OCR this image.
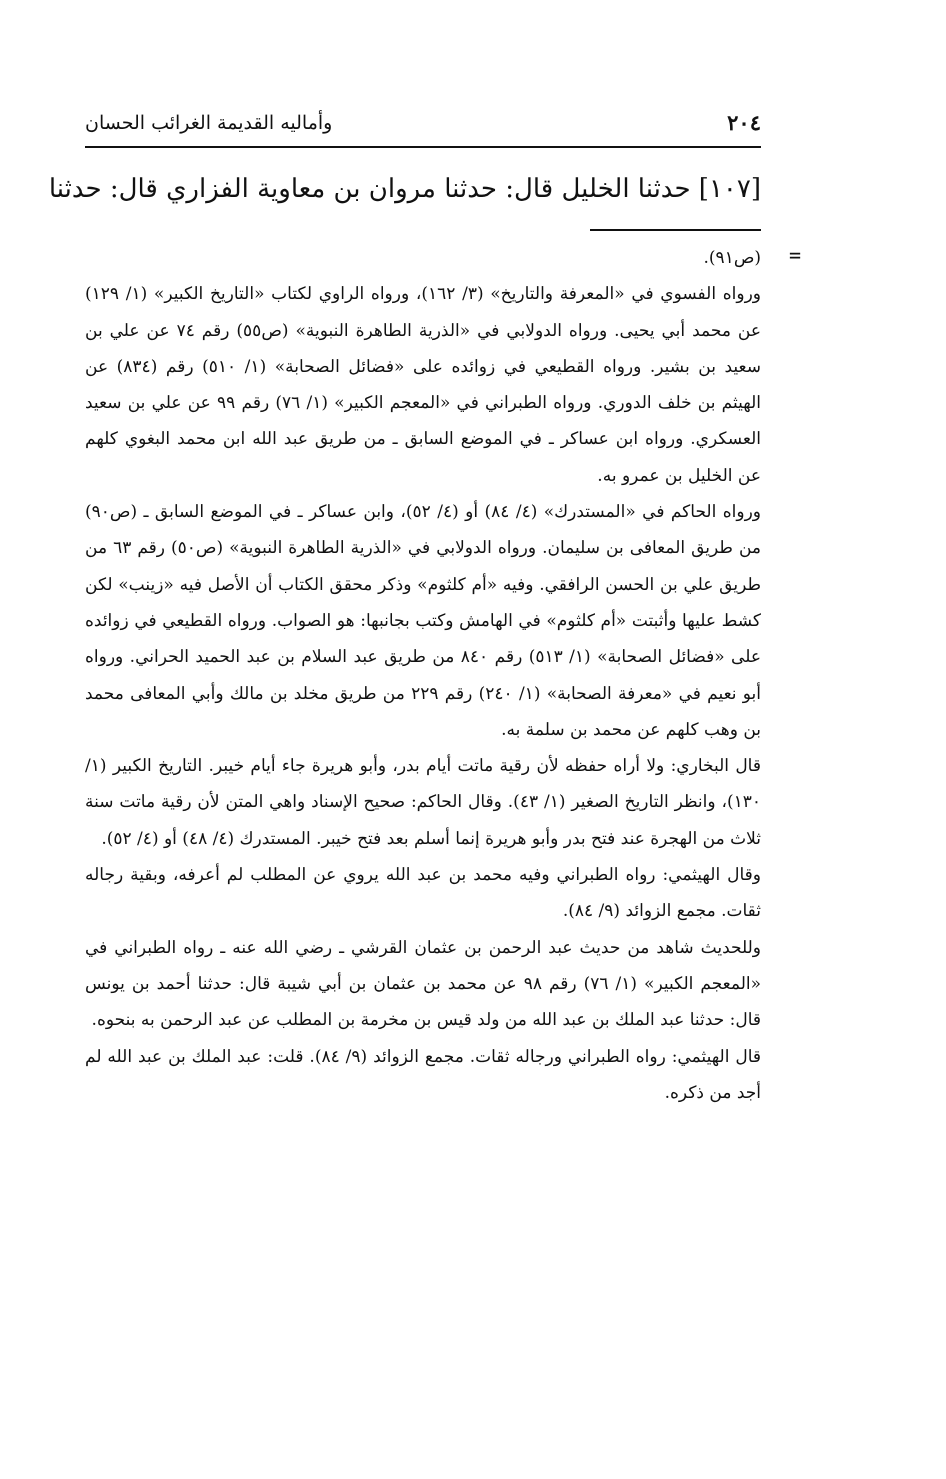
٢٠٤
وأماليه القديمة الغرائب الحسان
[١٠٧] حدثنا الخليل قال: حدثنا مروان بن معاوية الفزاري قال: حدثنا
=

(ص٩١).

ورواه الفسوي في «المعرفة والتاريخ» (٣/ ١٦٢)، ورواه الراوي لكتاب «التاريخ الكبير» (١/ ١٢٩) عن محمد أبي يحيى. ورواه الدولابي في «الذرية الطاهرة النبوية» (ص٥٥) رقم ٧٤ عن علي بن سعيد بن بشير. ورواه القطيعي في زوائده على «فضائل الصحابة» (١/ ٥١٠) رقم (٨٣٤) عن الهيثم بن خلف الدوري. ورواه الطبراني في «المعجم الكبير» (١/ ٧٦) رقم ٩٩ عن علي بن سعيد العسكري. ورواه ابن عساكر ـ في الموضع السابق ـ من طريق عبد الله ابن محمد البغوي كلهم عن الخليل بن عمرو به.

ورواه الحاكم في «المستدرك» (٤/ ٨٤) أو (٤/ ٥٢)، وابن عساكر ـ في الموضع السابق ـ (ص٩٠) من طريق المعافى بن سليمان. ورواه الدولابي في «الذرية الطاهرة النبوية» (ص٥٠) رقم ٦٣ من طريق علي بن الحسن الرافقي. وفيه «أم كلثوم» وذكر محقق الكتاب أن الأصل فيه «زينب» لكن كشط عليها وأثبتت «أم كلثوم» في الهامش وكتب بجانبها: هو الصواب. ورواه القطيعي في زوائده على «فضائل الصحابة» (١/ ٥١٣) رقم ٨٤٠ من طريق عبد السلام بن عبد الحميد الحراني. ورواه أبو نعيم في «معرفة الصحابة» (١/ ٢٤٠) رقم ٢٢٩ من طريق مخلد بن مالك وأبي المعافى محمد بن وهب كلهم عن محمد بن سلمة به.

قال البخاري: ولا أراه حفظه لأن رقية ماتت أيام بدر، وأبو هريرة جاء أيام خيبر. التاريخ الكبير (١/ ١٣٠)، وانظر التاريخ الصغير (١/ ٤٣). وقال الحاكم: صحيح الإسناد واهي المتن لأن رقية ماتت سنة ثلاث من الهجرة عند فتح بدر وأبو هريرة إنما أسلم بعد فتح خيبر. المستدرك (٤/ ٤٨) أو (٤/ ٥٢).

وقال الهيثمي: رواه الطبراني وفيه محمد بن عبد الله يروي عن المطلب لم أعرفه، وبقية رجاله ثقات. مجمع الزوائد (٩/ ٨٤).

وللحديث شاهد من حديث عبد الرحمن بن عثمان القرشي ـ رضي الله عنه ـ رواه الطبراني في «المعجم الكبير» (١/ ٧٦) رقم ٩٨ عن محمد بن عثمان بن أبي شيبة قال: حدثنا أحمد بن يونس قال: حدثنا عبد الملك بن عبد الله من ولد قيس بن مخرمة بن المطلب عن عبد الرحمن به بنحوه.

قال الهيثمي: رواه الطبراني ورجاله ثقات. مجمع الزوائد (٩/ ٨٤). قلت: عبد الملك بن عبد الله لم أجد من ذكره.
